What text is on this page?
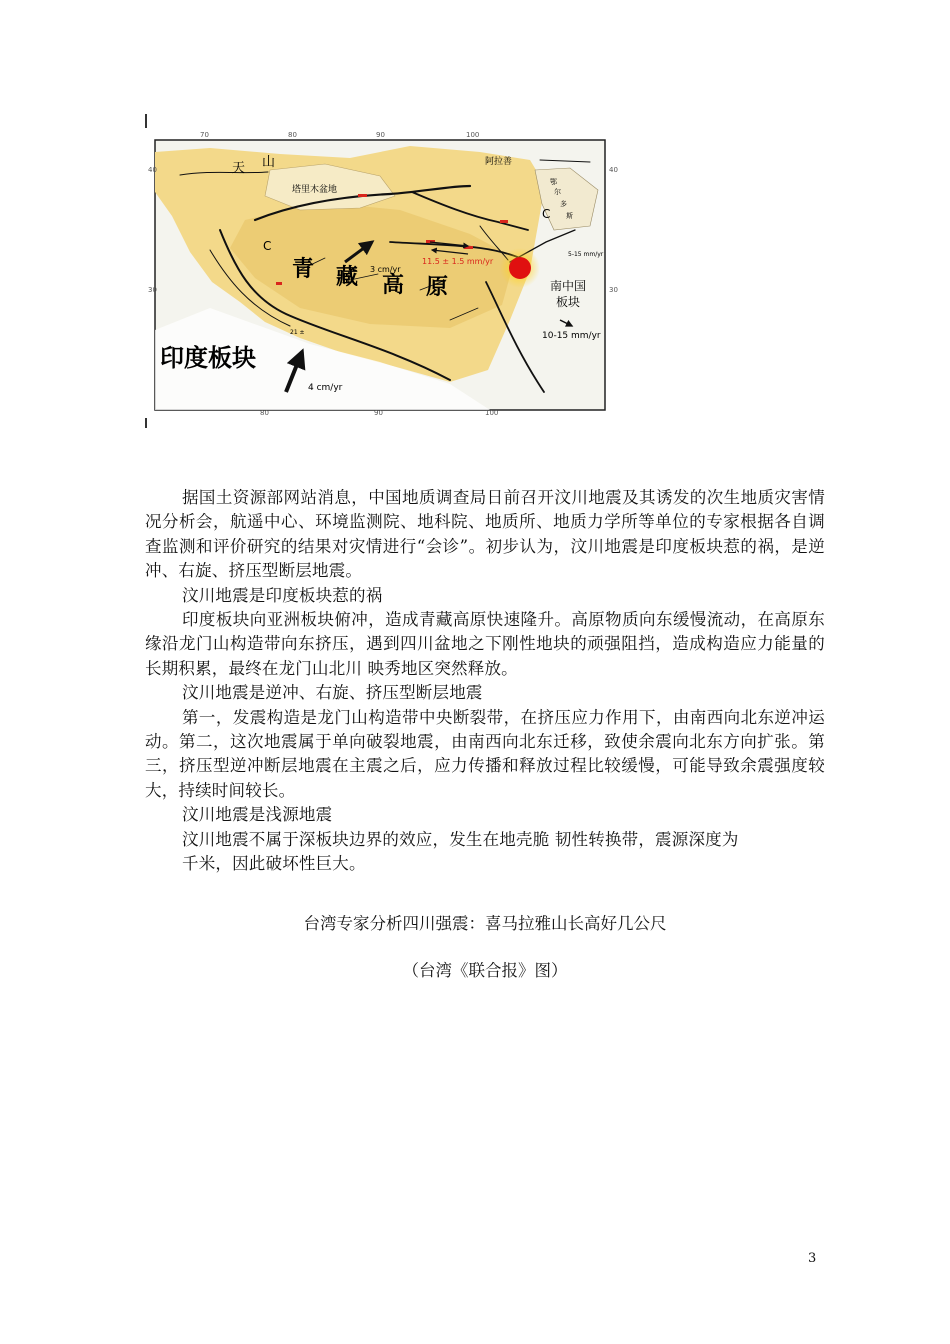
70	80	90	100
80	90	100
40
30
40
30
天 山
塔里木盆地
阿拉善
鄂
尔
多
斯
青 藏 高 原	南中国
板块
印度板块
3 cm/yr
4 cm/yr
10-15 mm/yr
11.5 ± 1.5 mm/yr
5-15 mm/yr
21 ±
C
C

据国土资源部网站消息，中国地质调查局日前召开汶川地震及其诱发的次生地质灾害情况分析会，航遥中心、环境监测院、地科院、地质所、地质力学所等单位的专家根据各自调查监测和评价研究的结果对灾情进行“会诊”。初步认为，汶川地震是印度板块惹的祸，是逆冲、右旋、挤压型断层地震。

汶川地震是印度板块惹的祸

印度板块向亚洲板块俯冲，造成青藏高原快速隆升。高原物质向东缓慢流动，在高原东缘沿龙门山构造带向东挤压，遇到四川盆地之下刚性地块的顽强阻挡，造成构造应力能量的长期积累，最终在龙门山北川 映秀地区突然释放。

汶川地震是逆冲、右旋、挤压型断层地震

第一，发震构造是龙门山构造带中央断裂带，在挤压应力作用下，由南西向北东逆冲运动。第二，这次地震属于单向破裂地震，由南西向北东迁移，致使余震向北东方向扩张。第三，挤压型逆冲断层地震在主震之后，应力传播和释放过程比较缓慢，可能导致余震强度较大，持续时间较长。

汶川地震是浅源地震

汶川地震不属于深板块边界的效应，发生在地壳脆 韧性转换带，震源深度为

千米，因此破坏性巨大。

台湾专家分析四川强震：喜马拉雅山长高好几公尺
（台湾《联合报》图）
3
